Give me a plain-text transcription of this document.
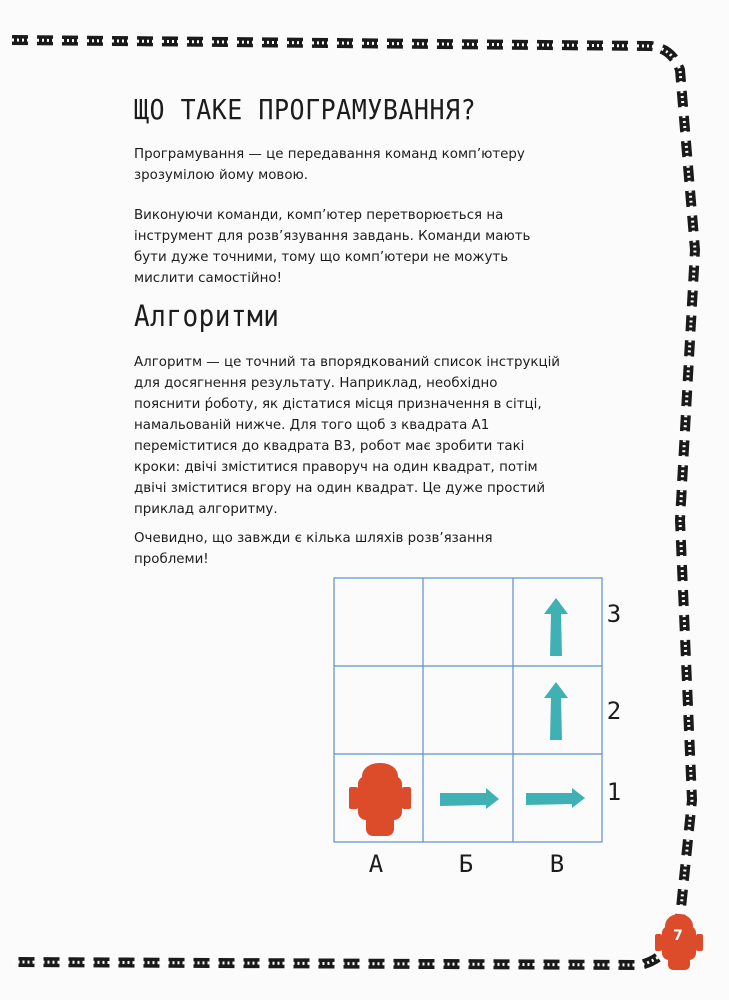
ЩО ТАКЕ ПРОГРАМУВАННЯ?

Програмування — це передавання команд комп’ютеру зрозумілою йому мовою.

Виконуючи команди, комп’ютер перетворюється на інструмент для розв’язування завдань. Команди мають бути дуже точними, тому що комп’ютери не можуть мислити самостійно!

Алгоритми

Алгоритм — це точний та впорядкований список інструкцій для досягнення результату. Наприклад, необхідно пояснити р́оботу, як дістатися місця призначення в сітці, намальованій нижче. Для того щоб з квадрата А1 переміститися до квадрата В3, робот має зробити такі кроки: двічі зміститися праворуч на один квадрат, потім двічі зміститися вгору на один квадрат. Це дуже простий приклад алгоритму.

Очевидно, що завжди є кілька шляхів розв’язання проблеми!

А	Б	В
3
2
1
7
